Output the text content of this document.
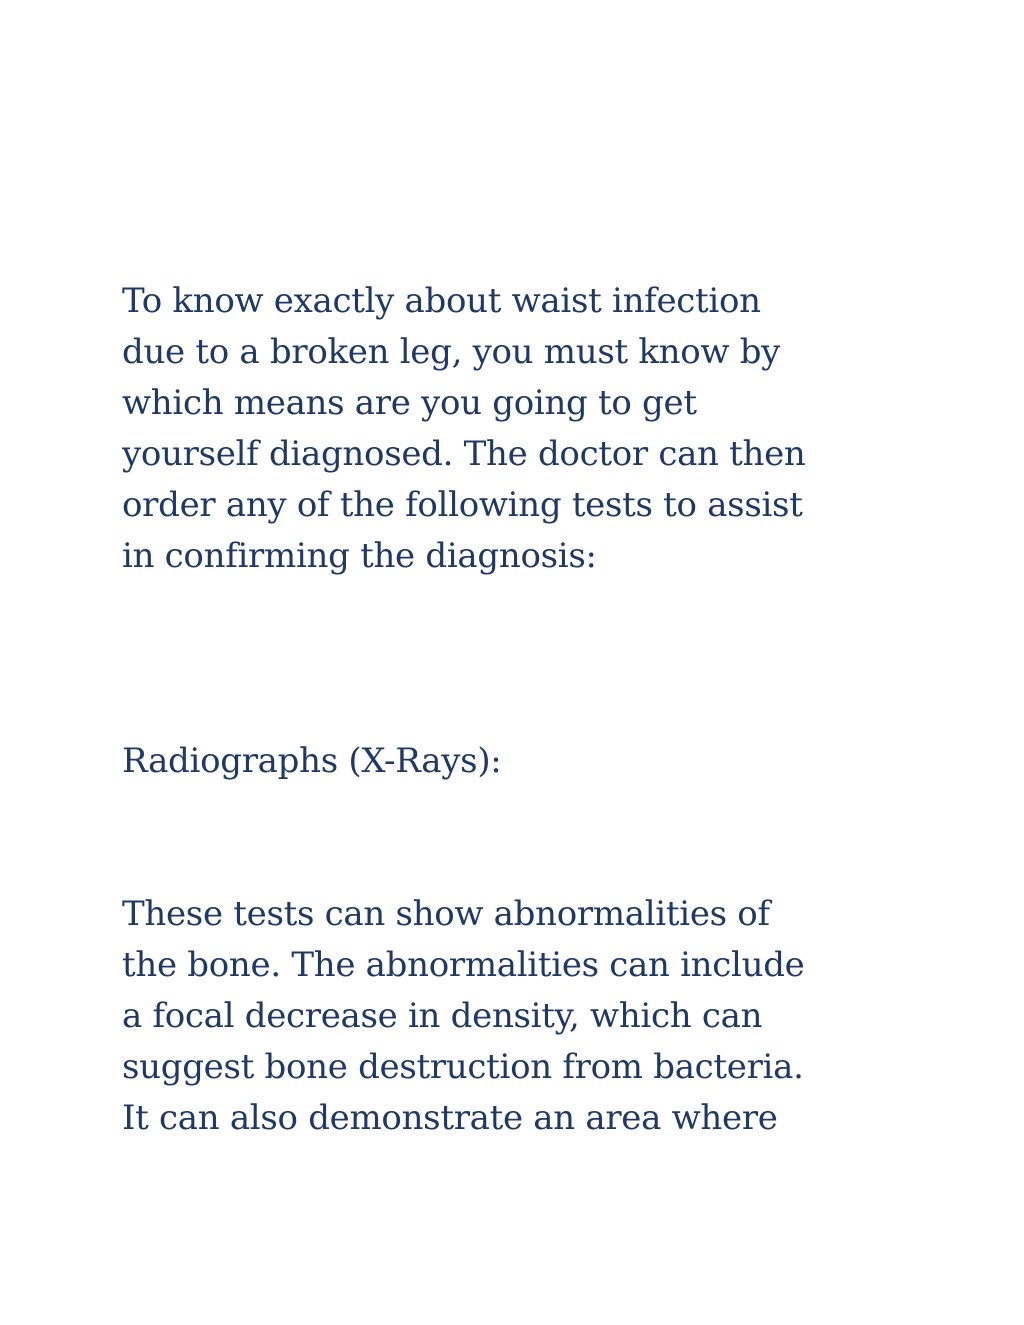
To know exactly about waist infection

due to a broken leg, you must know by

which means are you going to get

yourself diagnosed. The doctor can then

order any of the following tests to assist

in confirming the diagnosis:

Radiographs (X-Rays):

These tests can show abnormalities of

the bone. The abnormalities can include

a focal decrease in density, which can

suggest bone destruction from bacteria.

It can also demonstrate an area where
